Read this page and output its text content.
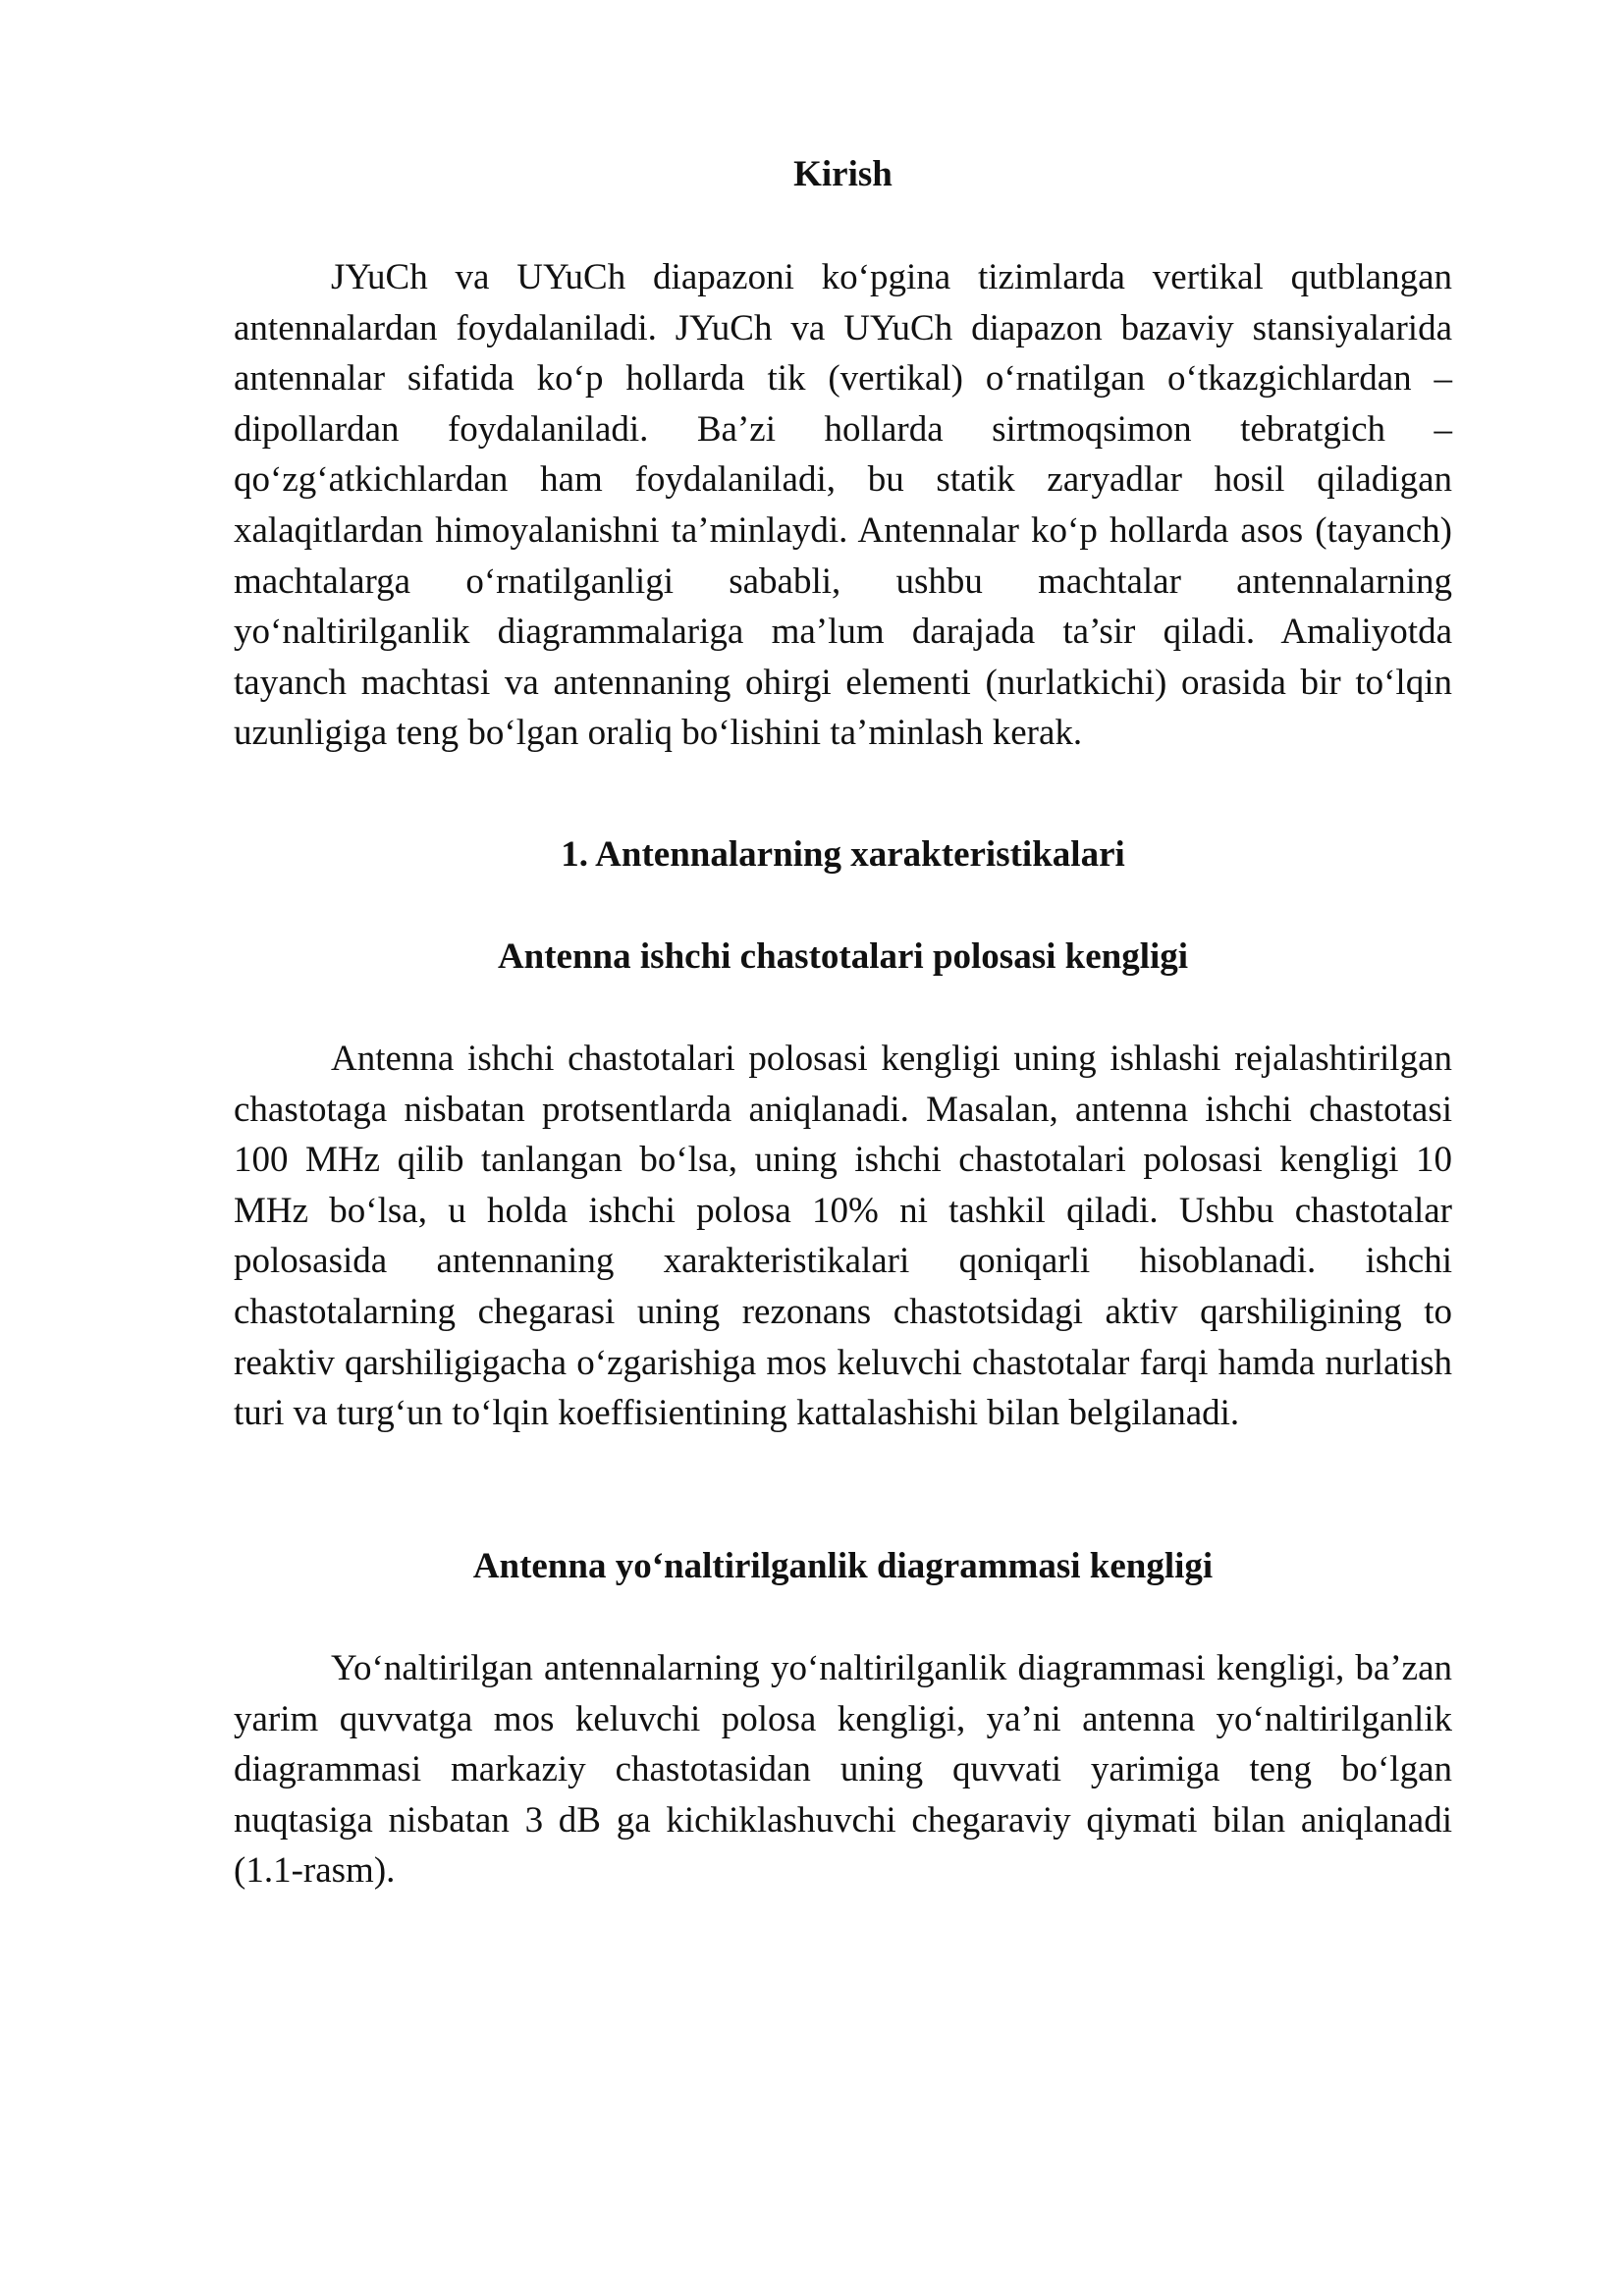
Kirish

JYuCh va UYuCh diapazoni ko‘pgina tizimlarda vertikal qutblangan antennalardan foydalaniladi. JYuCh va UYuCh diapazon bazaviy stansiyalarida antennalar sifatida ko‘p hollarda tik (vertikal) o‘rnatilgan o‘tkazgichlardan – dipollardan foydalaniladi. Ba’zi hollarda sirtmoqsimon tebratgich – qo‘zg‘atkichlardan ham foydalaniladi, bu statik zaryadlar hosil qiladigan xalaqitlardan himoyalanishni ta’minlaydi. Antennalar ko‘p hollarda asos (tayanch) machtalarga o‘rnatilganligi sababli, ushbu machtalar antennalarning yo‘naltirilganlik diagrammalariga ma’lum darajada ta’sir qiladi. Amaliyotda tayanch machtasi va antennaning ohirgi elementi (nurlatkichi) orasida bir to‘lqin uzunligiga teng bo‘lgan oraliq bo‘lishini ta’minlash kerak.

1. Antennalarning xarakteristikalari
Antenna ishchi chastotalari polosasi kengligi

Antenna ishchi chastotalari polosasi kengligi uning ishlashi rejalashtirilgan chastotaga nisbatan protsentlarda aniqlanadi. Masalan, antenna ishchi chastotasi 100 MHz qilib tanlangan bo‘lsa, uning ishchi chastotalari polosasi kengligi 10 MHz bo‘lsa, u holda ishchi polosa 10% ni tashkil qiladi. Ushbu chastotalar polosasida antennaning xarakteristikalari qoniqarli hisoblanadi. ishchi chastotalarning chegarasi uning rezonans chastotsidagi aktiv qarshiligining to reaktiv qarshiligigacha o‘zgarishiga mos keluvchi chastotalar farqi hamda nurlatish turi va turg‘un to‘lqin koeffisientining kattalashishi bilan belgilanadi.

Antenna yo‘naltirilganlik diagrammasi kengligi

Yo‘naltirilgan antennalarning yo‘naltirilganlik diagrammasi kengligi, ba’zan yarim quvvatga mos keluvchi polosa kengligi, ya’ni antenna yo‘naltirilganlik diagrammasi markaziy chastotasidan uning quvvati yarimiga teng bo‘lgan nuqtasiga nisbatan 3 dB ga kichiklashuvchi chegaraviy qiymati bilan aniqlanadi (1.1-rasm).
